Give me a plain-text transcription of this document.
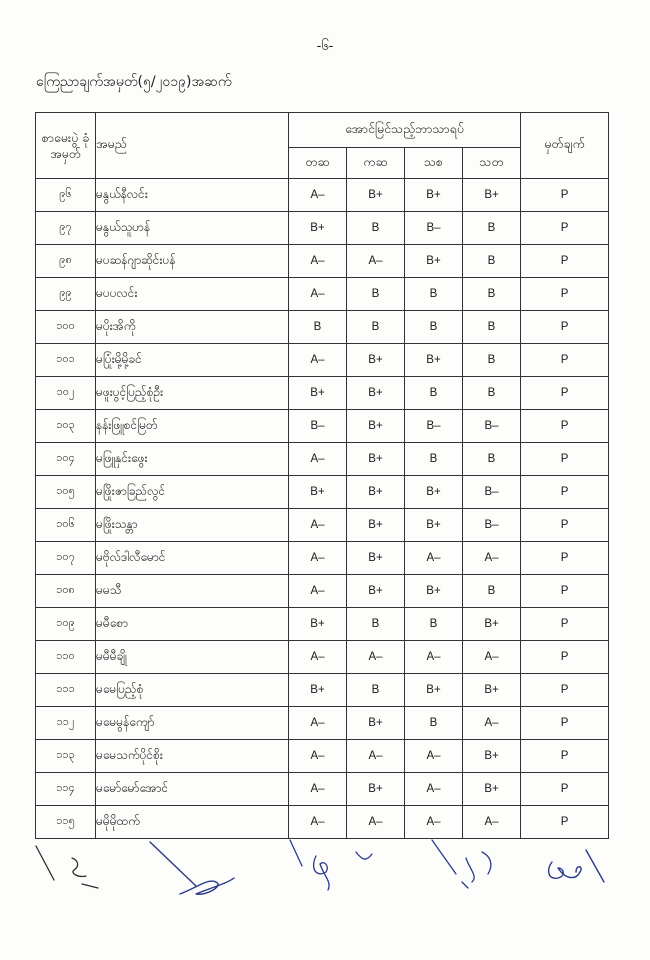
-၆-
ကြေညာချက်အမှတ်(၅/၂၀၁၉)အဆက်
စာမေးပွဲ ခုံအမှတ်	အမည်	အောင်မြင်သည့်ဘာသာရပ်				မှတ်ချက်
		တဆ	ကဆ	သစ	သတ	
၉၆	မနွယ်နီလင်း	A–	B+	B+	B+	P
၉၇	မနွယ်သူဟန်	B+	B	B–	B	P
၉၈	မပဆန်ဂျာဆိုင်းပန်	A–	A–	B+	B	P
၉၉	မပပလင်း	A–	B	B	B	P
၁၀၀	မပိုးအိကို	B	B	B	B	P
၁၀၁	မပြုံးမို့မို့ခင်	A–	B+	B+	B	P
၁၀၂	မဖူးပွင့်ပြည့်စုံဦး	B+	B+	B	B	P
၁၀၃	နန်းဖြူစင်မြတ်	B–	B+	B–	B–	P
၁၀၄	မဖြူနှင်းဖွေး	A–	B+	B	B	P
၁၀၅	မဖြိုးဇာခြည်လွင်	B+	B+	B+	B–	P
၁၀၆	မဖြိုးသန္တာ	A–	B+	B+	B–	P
၁၀၇	မဗိုလ်ဒါလီမောင်	A–	B+	A–	A–	P
၁၀၈	မမသီ	A–	B+	B+	B	P
၁၀၉	မမီစော	B+	B	B	B+	P
၁၁၀	မမီမီချို	A–	A–	A–	A–	P
၁၁၁	မမေပြည့်စုံ	B+	B	B+	B+	P
၁၁၂	မမေမွန်ကျော်	A–	B+	B	A–	P
၁၁၃	မမေသက်ပိုင်စိုး	A–	A–	A–	B+	P
၁၁၄	မမော်မော်အောင်	A–	B+	A–	B+	P
၁၁၅	မမိုမိုထက်	A–	A–	A–	A–	P
